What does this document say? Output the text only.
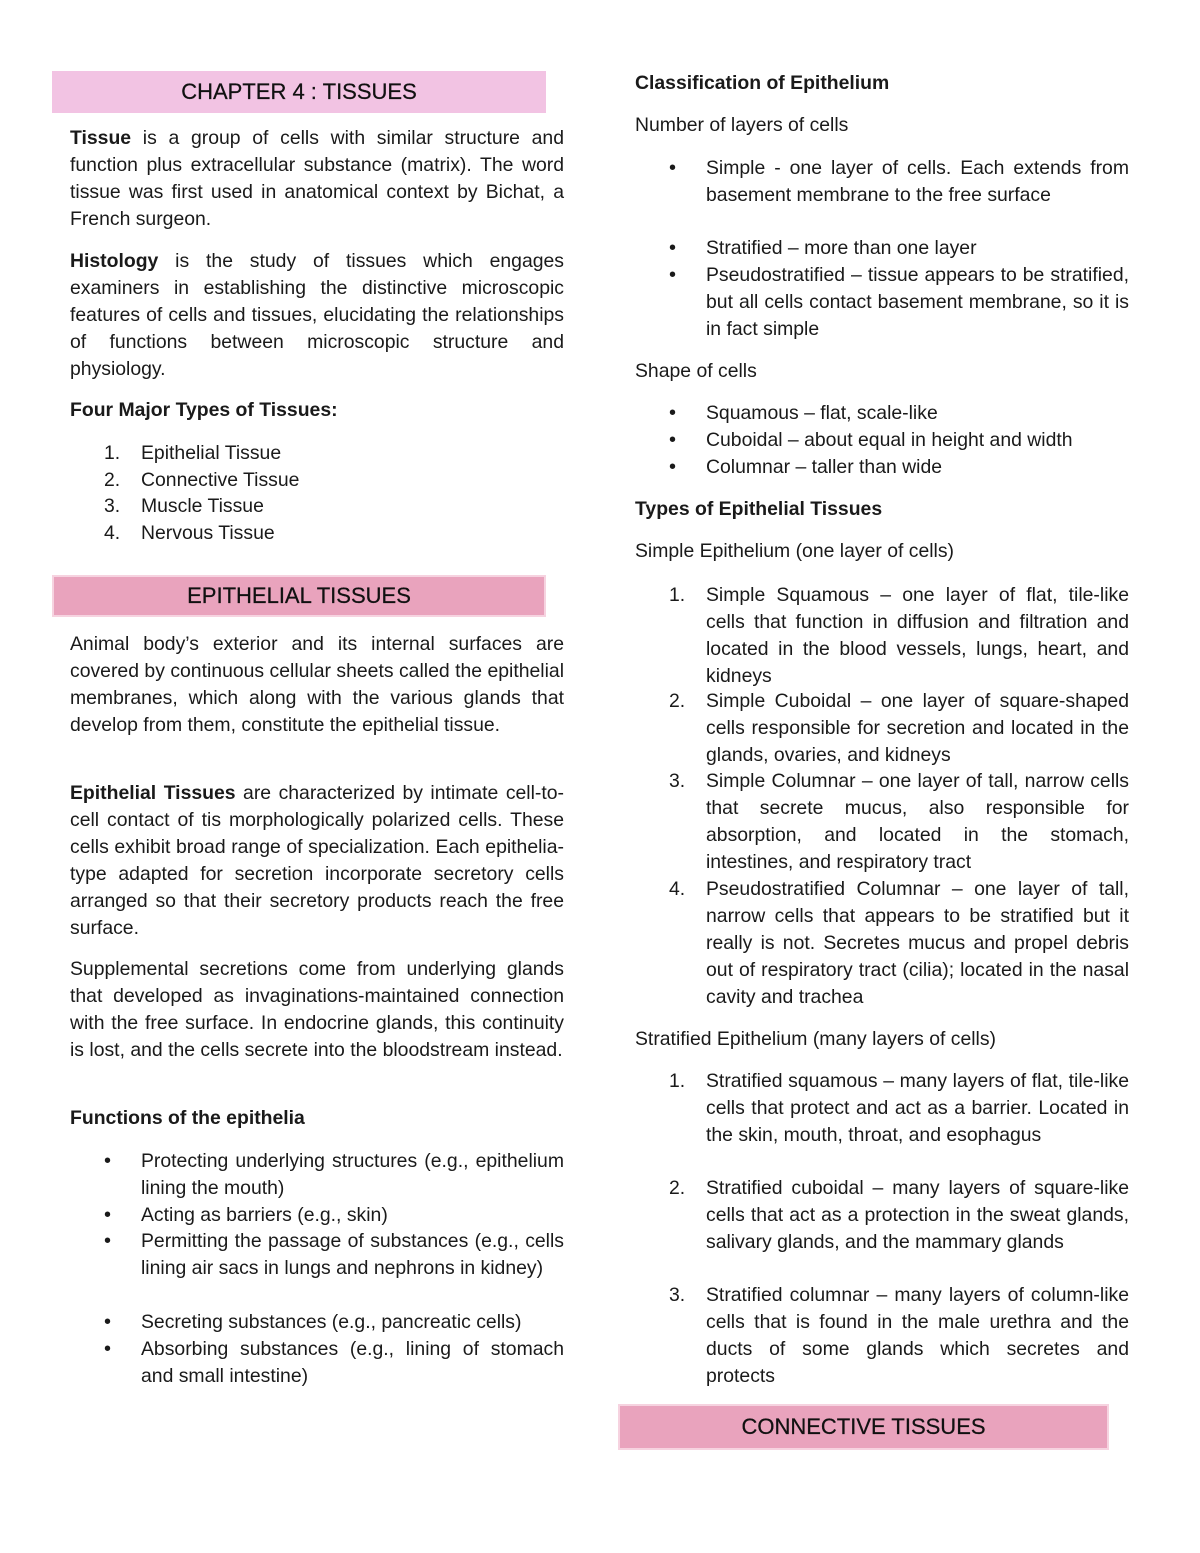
CHAPTER 4 : TISSUES

Tissue is a group of cells with similar structure and function plus extracellular substance (matrix). The word tissue was first used in anatomical context by Bichat, a French surgeon.

Histology is the study of tissues which engages examiners in establishing the distinctive microscopic features of cells and tissues, elucidating the relationships of functions between microscopic structure and physiology.

Four Major Types of Tissues:

1. Epithelial Tissue

2. Connective Tissue

3. Muscle Tissue

4. Nervous Tissue

EPITHELIAL TISSUES

Animal body’s exterior and its internal surfaces are covered by continuous cellular sheets called the epithelial membranes, which along with the various glands that develop from them, constitute the epithelial tissue.

Epithelial Tissues are characterized by intimate cell-to-cell contact of tis morphologically polarized cells. These cells exhibit broad range of specialization. Each epithelia-type adapted for secretion incorporate secretory cells arranged so that their secretory products reach the free surface.

Supplemental secretions come from underlying glands that developed as invaginations-maintained connection with the free surface. In endocrine glands, this continuity is lost, and the cells secrete into the bloodstream instead.

Functions of the epithelia

• Protecting underlying structures (e.g., epithelium lining the mouth)

• Acting as barriers (e.g., skin)

• Permitting the passage of substances (e.g., cells lining air sacs in lungs and nephrons in kidney)

• Secreting substances (e.g., pancreatic cells)

• Absorbing substances (e.g., lining of stomach and small intestine)

Classification of Epithelium

Number of layers of cells

• Simple - one layer of cells. Each extends from basement membrane to the free surface

• Stratified – more than one layer

• Pseudostratified – tissue appears to be stratified, but all cells contact basement membrane, so it is in fact simple

Shape of cells

• Squamous – flat, scale-like

• Cuboidal – about equal in height and width

• Columnar – taller than wide

Types of Epithelial Tissues

Simple Epithelium (one layer of cells)

1. Simple Squamous – one layer of flat, tile-like cells that function in diffusion and filtration and located in the blood vessels, lungs, heart, and kidneys

2. Simple Cuboidal – one layer of square-shaped cells responsible for secretion and located in the glands, ovaries, and kidneys

3. Simple Columnar – one layer of tall, narrow cells that secrete mucus, also responsible for absorption, and located in the stomach, intestines, and respiratory tract

4. Pseudostratified Columnar – one layer of tall, narrow cells that appears to be stratified but it really is not. Secretes mucus and propel debris out of respiratory tract (cilia); located in the nasal cavity and trachea

Stratified Epithelium (many layers of cells)

1. Stratified squamous – many layers of flat, tile-like cells that protect and act as a barrier. Located in the skin, mouth, throat, and esophagus

2. Stratified cuboidal – many layers of square-like cells that act as a protection in the sweat glands, salivary glands, and the mammary glands

3. Stratified columnar – many layers of column-like cells that is found in the male urethra and the ducts of some glands which secretes and protects

CONNECTIVE TISSUES
